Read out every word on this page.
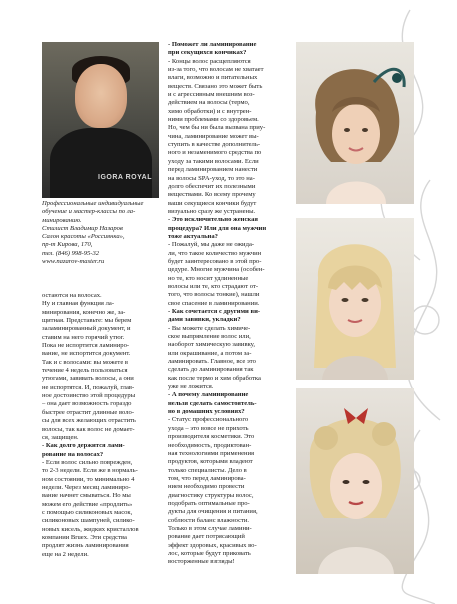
IGORA ROYAL
Профессиональные индивидуальные
обучение и мастер-классы по ла-
минированию.
Стилист Владимир Назаров
Салон красоты «Россиянка»,
пр-т Кирова, 170,
тел. (846) 998-95-32
www.nazarov-master.ru
остаются на волосах.
Ну и главная функция ла-
минирования, конечно же, за-
щитная. Представьте: мы берем
заламинированный документ, и
ставим на него горячий утюг.
Пока не испортится ламиниро-
вание, не испортится документ.
Так и с волосами: вы можете в
течение 4 недель пользоваться
утюгами, завивать волосы, а они
не испортятся. И, пожалуй, глав-
ное достоинство этой процедуры
– она дает возможность гораздо
быстрее отрастит длинные воло-
сы для всех желающих отрастить
волосы, так как волос не домает-
ся, защищен.
- Как долго держится лами-
рование на волосах?
- Если волос сильно поврежден,
то 2-3 недели. Если же в нормаль-
ном состоянии, то минимально 4
недели. Через месяц ламиниро-
вание начнет смываться. Но мы
можем его действие «продлить»
с помощью силиконовых масок,
силиконовых шампуней, силико-
новых кисель, жидких кристаллов
компании Bruex. Эти средства
продлят жизнь ламинирования
еще на 2 недели.
- Поможет ли ламинирование
при секущихся кончиках?
- Концы волос расщепляются
из-за того, что волосам не хватает
влаги, возможно и питательных
веществ. Связано это может быть
и с агрессивным внешним воз-
действием на волосы (термо,
химо обработки) и с внутрен-
ними проблемами со здоровьем.
Но, чем бы ни была вызвана приу-
чина, ламинирование может вы-
ступить в качестве дополнитель-
ного и незаменимого средства по
уходу за такими волосами. Если
перед ламинированием нанести
на волосы SPA-уход, то это на-
долго обеспечит их полезными
веществами. Ко всему прочему
ваши секущиеся кончики будут
визуально сразу же устранены.
- Это исключительно женская
процедура? Или для она мужчин
тоже актуальна?
- Пожалуй, мы даже не ожида-
ли, что такое количество мужчин
будет заинтересовано в этой про-
цедуре. Многие мужчина (особен-
но те, кто носит удлиненные
волосы или те, кто страдают от-
того, что волосы тонкие), нашли
свое спасение в ламинировании.
- Как сочетается с другими ви-
дами завивки, укладки?
- Вы можете сделать химиче-
ское выпрямление волос или,
наоборот химическую завивку,
или окрашивание, а потом за-
ламинировать. Главное, все это
сделать до ламинирования так
как после термо и хим обработка
уже не ложится.
- А почему ламинирование
нельзя сделать самостоятель-
но в домашних условиях?
- Статус профессионального
ухода – это вовсе не прихоть
производителя косметики. Это
необходимость, продиктован-
ная технологиями применения
продуктов, которыми владеют
только специалисты. Дело в
том, что перед ламинирова-
нием необходимо провести
диагностику структуры волос,
подобрать оптимальные про-
дукты для очищения и питания,
соблюсти баланс влажности.
Только в этом случае ламини-
рование дает потрясающий
эффект здоровых, красивых во-
лос, которые будут приковать
восторженные взгляды!
